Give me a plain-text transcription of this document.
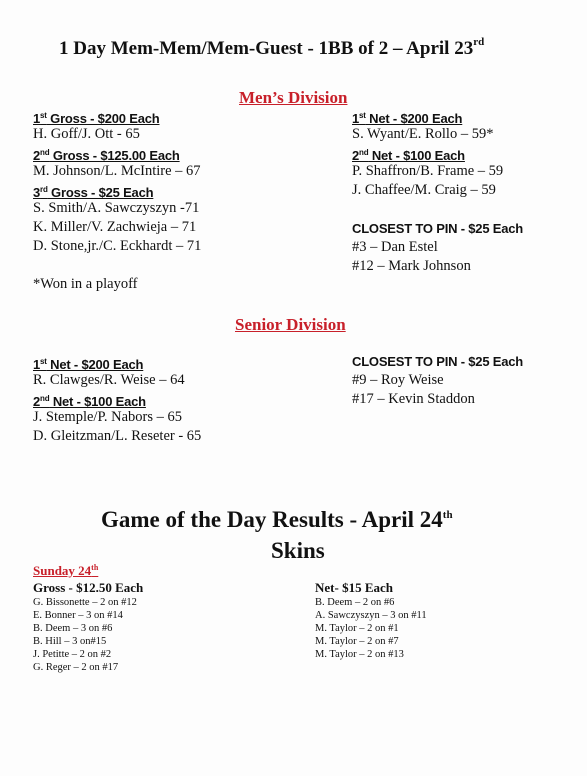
1 Day Mem-Mem/Mem-Guest - 1BB of 2 – April 23rd
Men’s Division
1st Gross - $200 Each
H. Goff/J. Ott - 65
2nd Gross - $125.00 Each
M. Johnson/L. McIntire – 67
3rd Gross - $25 Each
S. Smith/A. Sawczyszyn -71
K. Miller/V. Zachwieja – 71
D. Stone,jr./C. Eckhardt – 71
*Won in a playoff
1st Net - $200 Each
S. Wyant/E. Rollo – 59*
2nd Net - $100 Each
P. Shaffron/B. Frame – 59
J. Chaffee/M. Craig – 59
CLOSEST TO PIN - $25 Each
#3 – Dan Estel
#12 – Mark Johnson
Senior Division
1st Net - $200 Each
R. Clawges/R. Weise – 64
2nd Net - $100 Each
J. Stemple/P. Nabors – 65
D. Gleitzman/L. Reseter - 65
CLOSEST TO PIN - $25 Each
#9 – Roy Weise
#17 – Kevin Staddon
Game of the Day Results - April 24th
Skins
Sunday 24th
Gross - $12.50 Each
G. Bissonette – 2 on #12
E. Bonner – 3 on #14
B. Deem – 3 on #6
B. Hill – 3 on#15
J. Petitte – 2 on #2
G. Reger – 2 on #17
Net- $15 Each
B. Deem – 2 on #6
A. Sawczyszyn – 3 on #11
M. Taylor – 2 on #1
M. Taylor – 2 on #7
M. Taylor – 2 on #13
